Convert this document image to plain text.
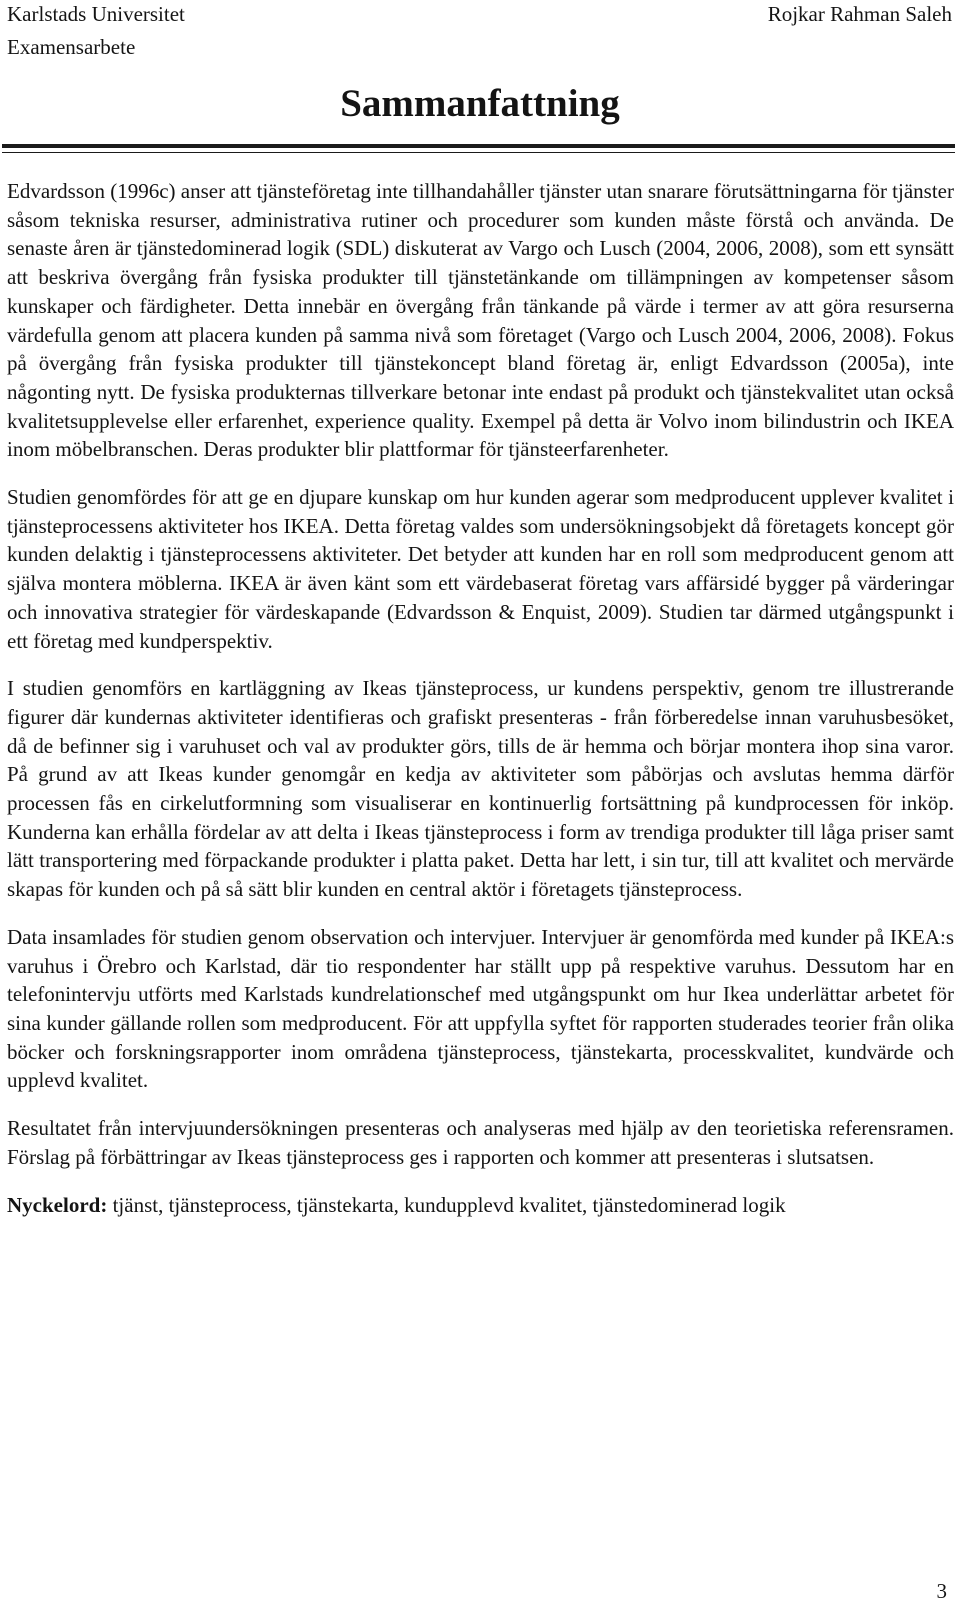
Karlstads Universitet
Examensarbete
Rojkar Rahman Saleh
Sammanfattning

Edvardsson (1996c) anser att tjänsteföretag inte tillhandahåller tjänster utan snarare förutsättningarna för tjänster såsom tekniska resurser, administrativa rutiner och procedurer som kunden måste förstå och använda. De senaste åren är tjänstedominerad logik (SDL) diskuterat av Vargo och Lusch (2004, 2006, 2008), som ett synsätt att beskriva övergång från fysiska produkter till tjänstetänkande om tillämpningen av kompetenser såsom kunskaper och färdigheter. Detta innebär en övergång från tänkande på värde i termer av att göra resurserna värdefulla genom att placera kunden på samma nivå som företaget (Vargo och Lusch 2004, 2006, 2008). Fokus på övergång från fysiska produkter till tjänstekoncept bland företag är, enligt Edvardsson (2005a), inte någonting nytt. De fysiska produkternas tillverkare betonar inte endast på produkt och tjänstekvalitet utan också kvalitetsupplevelse eller erfarenhet, experience quality. Exempel på detta är Volvo inom bilindustrin och IKEA inom möbelbranschen. Deras produkter blir plattformar för tjänsteerfarenheter.

Studien genomfördes för att ge en djupare kunskap om hur kunden agerar som medproducent upplever kvalitet i tjänsteprocessens aktiviteter hos IKEA. Detta företag valdes som undersökningsobjekt då företagets koncept gör kunden delaktig i tjänsteprocessens aktiviteter. Det betyder att kunden har en roll som medproducent genom att själva montera möblerna. IKEA är även känt som ett värdebaserat företag vars affärsidé bygger på värderingar och innovativa strategier för värdeskapande (Edvardsson & Enquist, 2009). Studien tar därmed utgångspunkt i ett företag med kundperspektiv.

I studien genomförs en kartläggning av Ikeas tjänsteprocess, ur kundens perspektiv, genom tre illustrerande figurer där kundernas aktiviteter identifieras och grafiskt presenteras - från förberedelse innan varuhusbesöket, då de befinner sig i varuhuset och val av produkter görs, tills de är hemma och börjar montera ihop sina varor. På grund av att Ikeas kunder genomgår en kedja av aktiviteter som påbörjas och avslutas hemma därför processen fås en cirkelutformning som visualiserar en kontinuerlig fortsättning på kundprocessen för inköp. Kunderna kan erhålla fördelar av att delta i Ikeas tjänsteprocess i form av trendiga produkter till låga priser samt lätt transportering med förpackande produkter i platta paket. Detta har lett, i sin tur, till att kvalitet och mervärde skapas för kunden och på så sätt blir kunden en central aktör i företagets tjänsteprocess.

Data insamlades för studien genom observation och intervjuer. Intervjuer är genomförda med kunder på IKEA:s varuhus i Örebro och Karlstad, där tio respondenter har ställt upp på respektive varuhus. Dessutom har en telefonintervju utförts med Karlstads kundrelationschef med utgångspunkt om hur Ikea underlättar arbetet för sina kunder gällande rollen som medproducent. För att uppfylla syftet för rapporten studerades teorier från olika böcker och forskningsrapporter inom områdena tjänsteprocess, tjänstekarta, processkvalitet, kundvärde och upplevd kvalitet.

Resultatet från intervjuundersökningen presenteras och analyseras med hjälp av den teorietiska referensramen. Förslag på förbättringar av Ikeas tjänsteprocess ges i rapporten och kommer att presenteras i slutsatsen.

Nyckelord: tjänst, tjänsteprocess, tjänstekarta, kundupplevd kvalitet, tjänstedominerad logik

3
